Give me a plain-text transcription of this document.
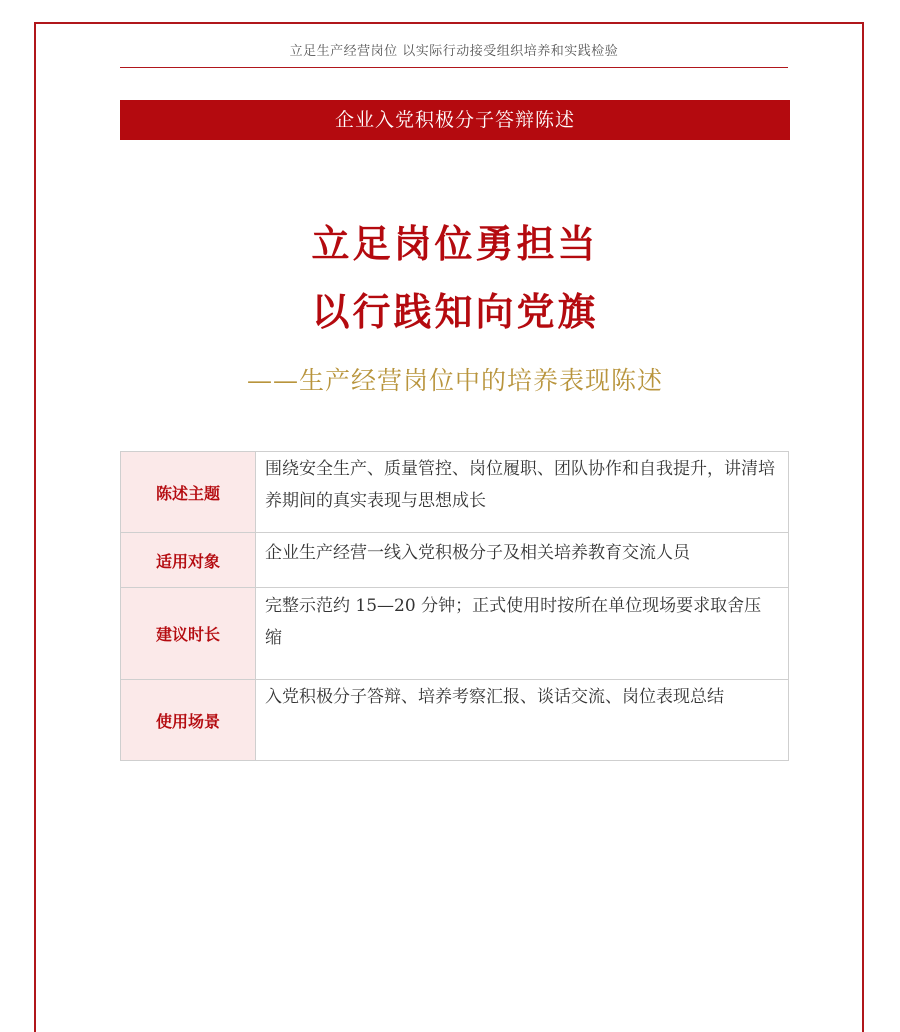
立足生产经营岗位 以实际行动接受组织培养和实践检验
企业入党积极分子答辩陈述
立足岗位勇担当
以行践知向党旗
——生产经营岗位中的培养表现陈述
陈述主题	围绕安全生产、质量管控、岗位履职、团队协作和自我提升，讲清培养期间的真实表现与思想成长
适用对象	企业生产经营一线入党积极分子及相关培养教育交流人员
建议时长	完整示范约 15—20 分钟；正式使用时按所在单位现场要求取舍压缩
使用场景	入党积极分子答辩、培养考察汇报、谈话交流、岗位表现总结
